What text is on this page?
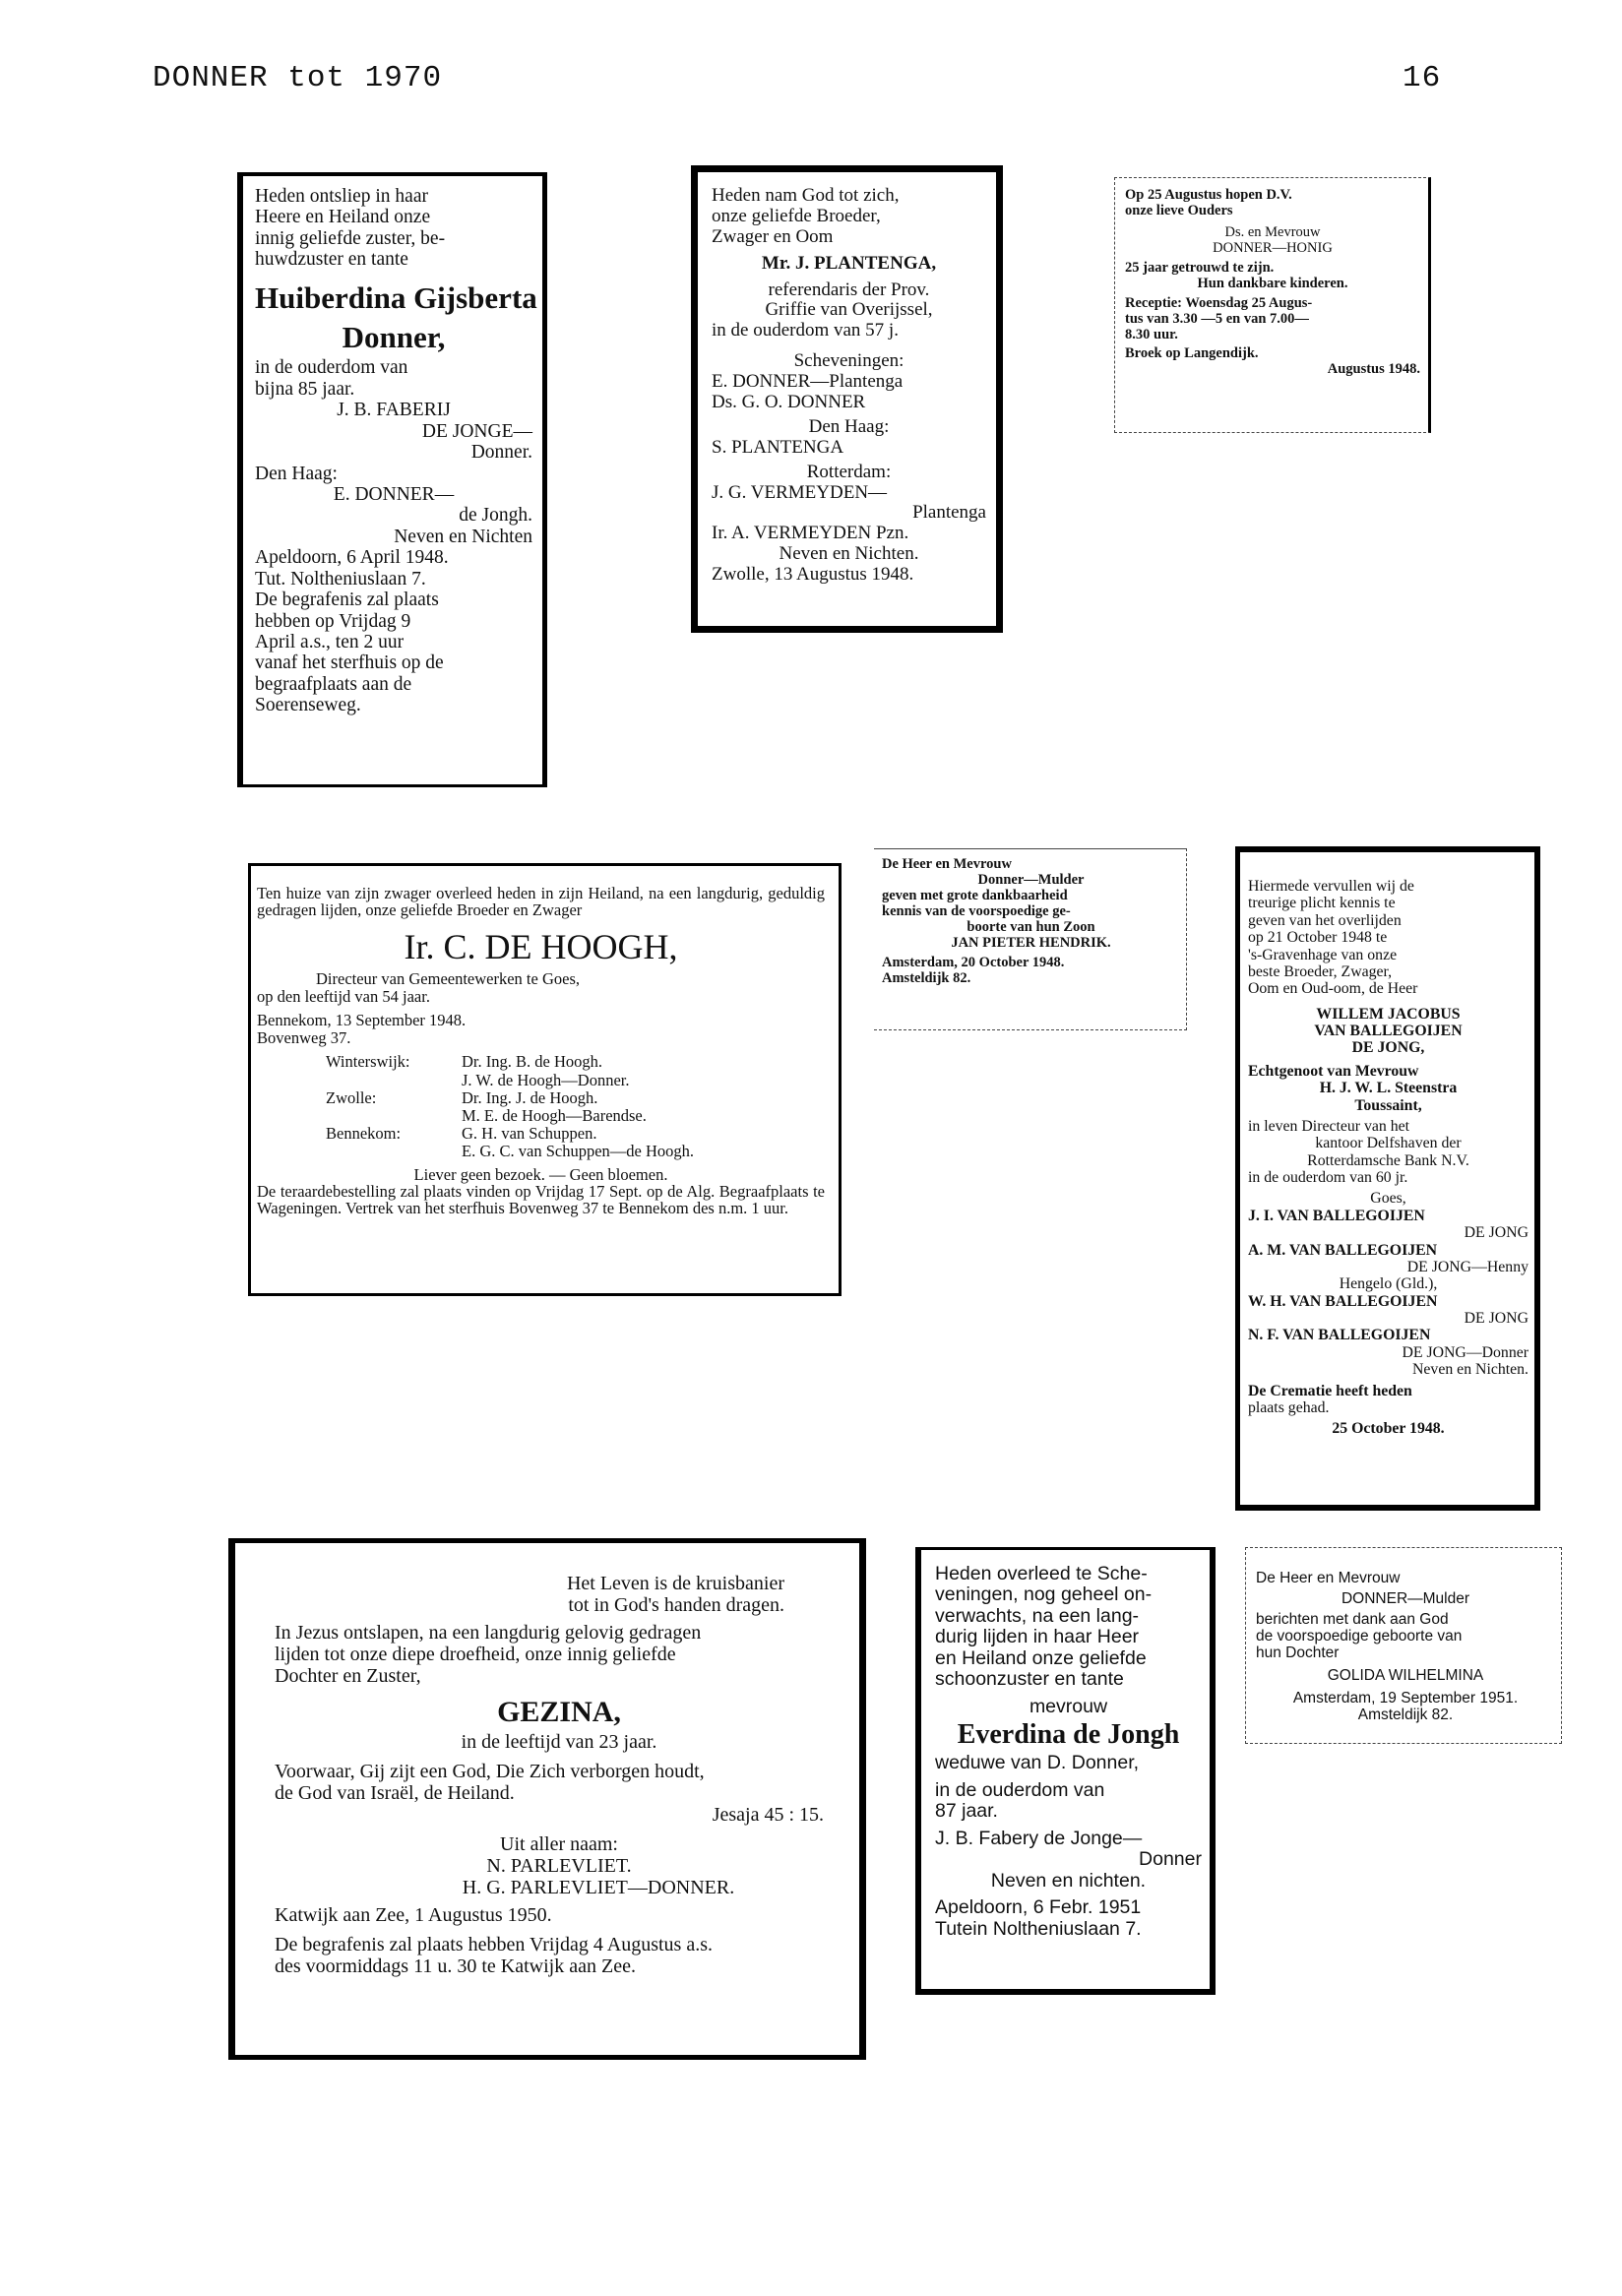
DONNER tot 1970	16
Heden ontsliep in haar
Heere en Heiland onze
innig geliefde zuster, be-
huwdzuster en tante
Huiberdina Gijsberta
Donner,
in de ouderdom van
bijna 85 jaar.
J. B. FABERIJ
DE JONGE—
Donner.
Den Haag:
E. DONNER—
de Jongh.
Neven en Nichten
Apeldoorn, 6 April 1948.
Tut. Noltheniuslaan 7.
De begrafenis zal plaats
hebben op Vrijdag 9
April a.s., ten 2 uur
vanaf het sterfhuis op de
begraafplaats aan de
Soerenseweg.
Heden nam God tot zich,
onze geliefde Broeder,
Zwager en Oom
Mr. J. PLANTENGA,
referendaris der Prov.
Griffie van Overijssel,
in de ouderdom van 57 j.
Scheveningen:
E. DONNER—Plantenga
Ds. G. O. DONNER
Den Haag:
S. PLANTENGA
Rotterdam:
J. G. VERMEYDEN—
Plantenga
Ir. A. VERMEYDEN Pzn.
Neven en Nichten.
Zwolle, 13 Augustus 1948.
Op 25 Augustus hopen D.V.
onze lieve Ouders
Ds. en Mevrouw
DONNER—HONIG
25 jaar getrouwd te zijn.
Hun dankbare kinderen.
Receptie: Woensdag 25 Augus-
tus van 3.30 —5 en van 7.00—
8.30 uur.
Broek op Langendijk.
Augustus 1948.
Ten huize van zijn zwager overleed heden in zijn Heiland, na een langdurig, geduldig gedragen lijden, onze geliefde Broeder en Zwager
Ir. C. DE HOOGH,
Directeur van Gemeentewerken te Goes,
op den leeftijd van 54 jaar.
Bennekom, 13 September 1948.
Bovenweg 37.
Winterswijk:	Dr. Ing. B. de Hoogh.
J. W. de Hoogh—Donner.
Zwolle:	Dr. Ing. J. de Hoogh.
M. E. de Hoogh—Barendse.
Bennekom:	G. H. van Schuppen.
E. G. C. van Schuppen—de Hoogh.
Liever geen bezoek. — Geen bloemen.
De teraardebestelling zal plaats vinden op Vrijdag 17 Sept. op de Alg. Begraafplaats te Wageningen. Vertrek van het sterfhuis Bovenweg 37 te Bennekom des n.m. 1 uur.
De Heer en Mevrouw
Donner—Mulder
geven met grote dankbaarheid
kennis van de voorspoedige ge-
boorte van hun Zoon
JAN PIETER HENDRIK.
Amsterdam, 20 October 1948.
Amsteldijk 82.
Hiermede vervullen wij de
treurige plicht kennis te
geven van het overlijden
op 21 October 1948 te
's-Gravenhage van onze
beste Broeder, Zwager,
Oom en Oud-oom, de Heer
WILLEM JACOBUS
VAN BALLEGOIJEN
DE JONG,
Echtgenoot van Mevrouw
H. J. W. L. Steenstra
Toussaint,
in leven Directeur van het
kantoor Delfshaven der
Rotterdamsche Bank N.V.
in de ouderdom van 60 jr.
Goes,
J. I. VAN BALLEGOIJEN
DE JONG
A. M. VAN BALLEGOIJEN
DE JONG—Henny
Hengelo (Gld.),
W. H. VAN BALLEGOIJEN
DE JONG
N. F. VAN BALLEGOIJEN
DE JONG—Donner
Neven en Nichten.
De Crematie heeft heden
plaats gehad.
25 October 1948.
Het Leven is de kruisbanier
tot in God's handen dragen.
In Jezus ontslapen, na een langdurig gelovig gedragen
lijden tot onze diepe droefheid, onze innig geliefde
Dochter en Zuster,
GEZINA,
in de leeftijd van 23 jaar.
Voorwaar, Gij zijt een God, Die Zich verborgen houdt,
de God van Israël, de Heiland.
Jesaja 45 : 15.
Uit aller naam:
N. PARLEVLIET.
H. G. PARLEVLIET—DONNER.
Katwijk aan Zee, 1 Augustus 1950.
De begrafenis zal plaats hebben Vrijdag 4 Augustus a.s.
des voormiddags 11 u. 30 te Katwijk aan Zee.
Heden overleed te Sche-
veningen, nog geheel on-
verwachts, na een lang-
durig lijden in haar Heer
en Heiland onze geliefde
schoonzuster en tante
mevrouw
Everdina de Jongh
weduwe van D. Donner,
in de ouderdom van
87 jaar.
J. B. Fabery de Jonge—
Donner
Neven en nichten.
Apeldoorn, 6 Febr. 1951
Tutein Noltheniuslaan 7.
De Heer en Mevrouw
DONNER—Mulder
berichten met dank aan God
de voorspoedige geboorte van
hun Dochter
GOLIDA WILHELMINA
Amsterdam, 19 September 1951.
Amsteldijk 82.
